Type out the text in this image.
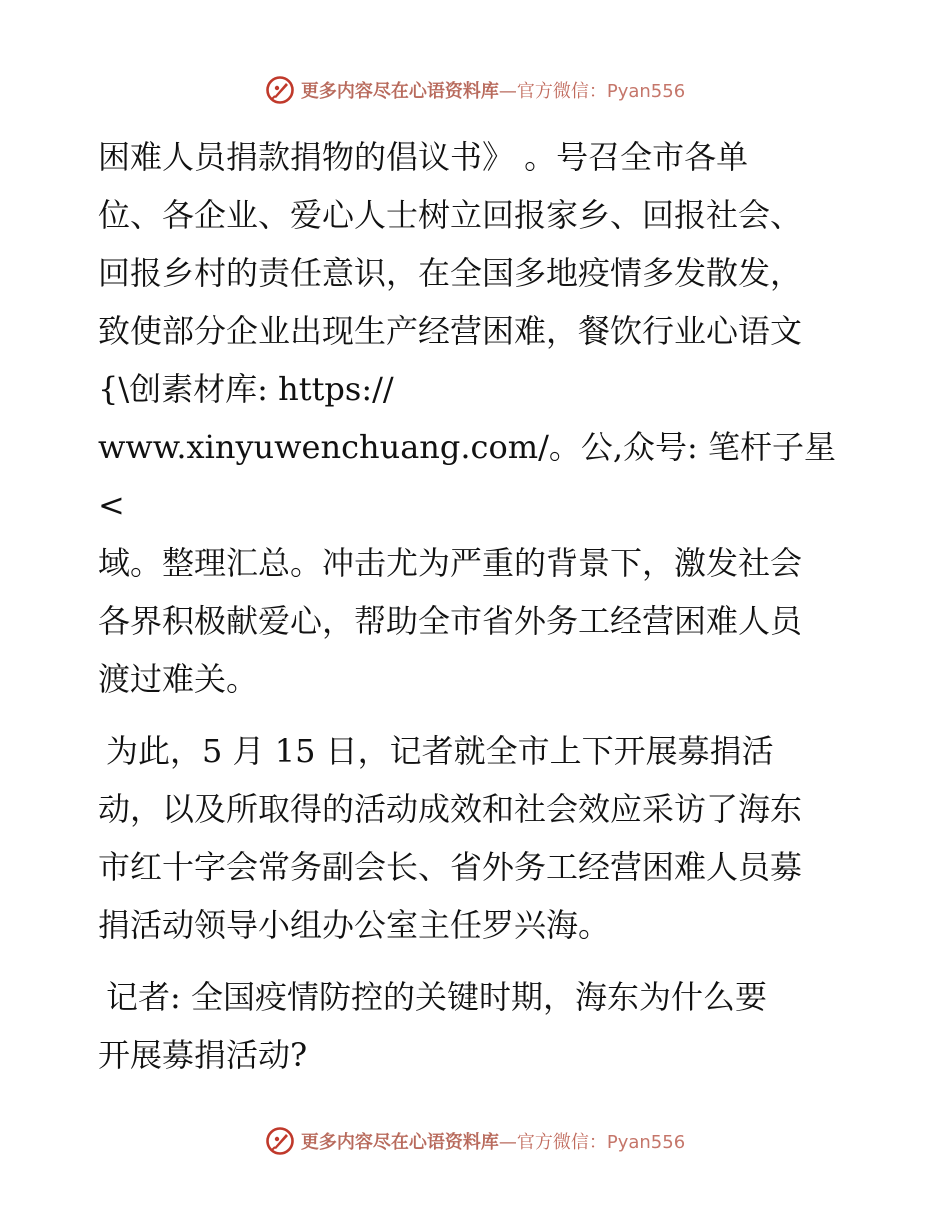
更多内容尽在心语资料库—官方微信：Pyan556

困难人员捐款捐物的倡议书》 。号召全市各单

位、各企业、爱心人士树立回报家乡、回报社会、

回报乡村的责任意识，在全国多地疫情多发散发，

致使部分企业出现生产经营困难，餐饮行业心语文

{\创素材库: https://

www.xinyuwenchuang.com/。公,众号: 笔杆子星<

域。整理汇总。冲击尤为严重的背景下，激发社会

各界积极献爱心，帮助全市省外务工经营困难人员

渡过难关。

为此，5 月 15 日，记者就全市上下开展募捐活

动，以及所取得的活动成效和社会效应采访了海东

市红十字会常务副会长、省外务工经营困难人员募

捐活动领导小组办公室主任罗兴海。

记者: 全国疫情防控的关键时期，海东为什么要

开展募捐活动?

更多内容尽在心语资料库—官方微信：Pyan556
